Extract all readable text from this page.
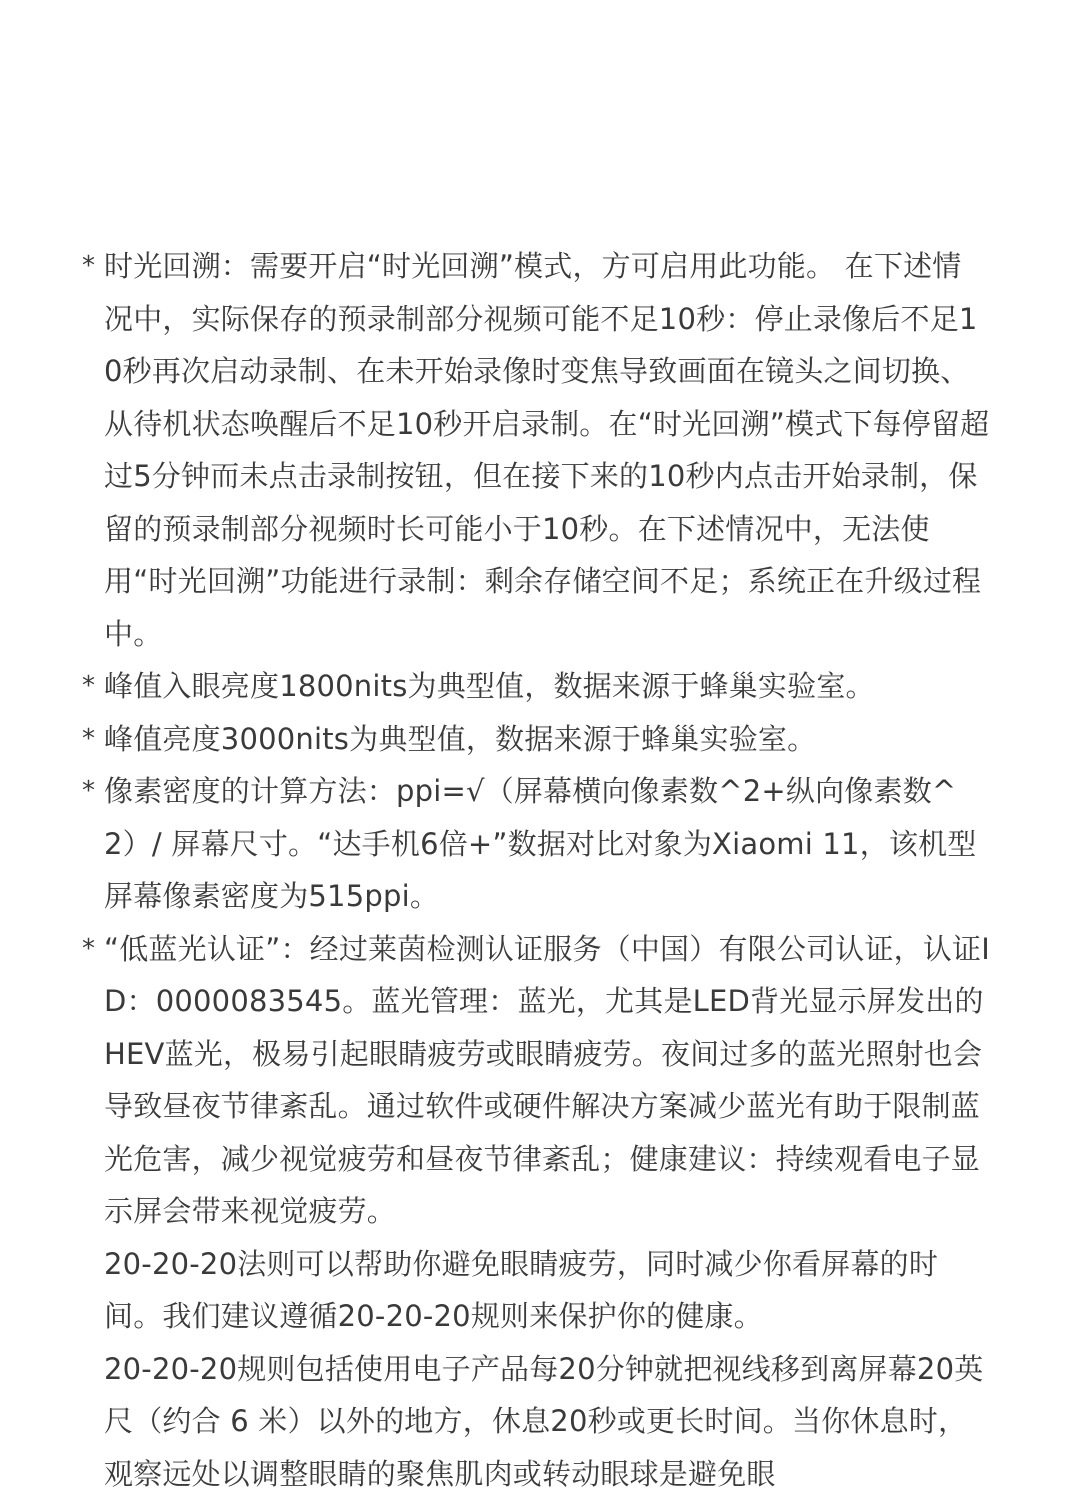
* 时光回溯：需要开启“时光回溯”模式，方可启用此功能。 在下述情况中，实际保存的预录制部分视频可能不足10秒：停止录像后不足10秒再次启动录制、在未开始录像时变焦导致画面在镜头之间切换、从待机状态唤醒后不足10秒开启录制。在“时光回溯”模式下每停留超过5分钟而未点击录制按钮，但在接下来的10秒内点击开始录制，保留的预录制部分视频时长可能小于10秒。在下述情况中，无法使用“时光回溯”功能进行录制：剩余存储空间不足；系统正在升级过程中。
* 峰值入眼亮度1800nits为典型值，数据来源于蜂巢实验室。
* 峰值亮度3000nits为典型值，数据来源于蜂巢实验室。
* 像素密度的计算方法：ppi=√（屏幕横向像素数^2+纵向像素数^2）/ 屏幕尺寸。“达手机6倍+”数据对比对象为Xiaomi 11，该机型屏幕像素密度为515ppi。
* “低蓝光认证”：经过莱茵检测认证服务（中国）有限公司认证，认证ID：0000083545。蓝光管理：蓝光，尤其是LED背光显示屏发出的HEV蓝光，极易引起眼睛疲劳或眼睛疲劳。夜间过多的蓝光照射也会导致昼夜节律紊乱。通过软件或硬件解决方案减少蓝光有助于限制蓝光危害，减少视觉疲劳和昼夜节律紊乱；健康建议：持续观看电子显示屏会带来视觉疲劳。
20-20-20法则可以帮助你避免眼睛疲劳，同时减少你看屏幕的时间。我们建议遵循20-20-20规则来保护你的健康。
20-20-20规则包括使用电子产品每20分钟就把视线移到离屏幕20英尺（约合 6 米）以外的地方，休息20秒或更长时间。当你休息时，观察远处以调整眼睛的聚焦肌肉或转动眼球是避免眼
